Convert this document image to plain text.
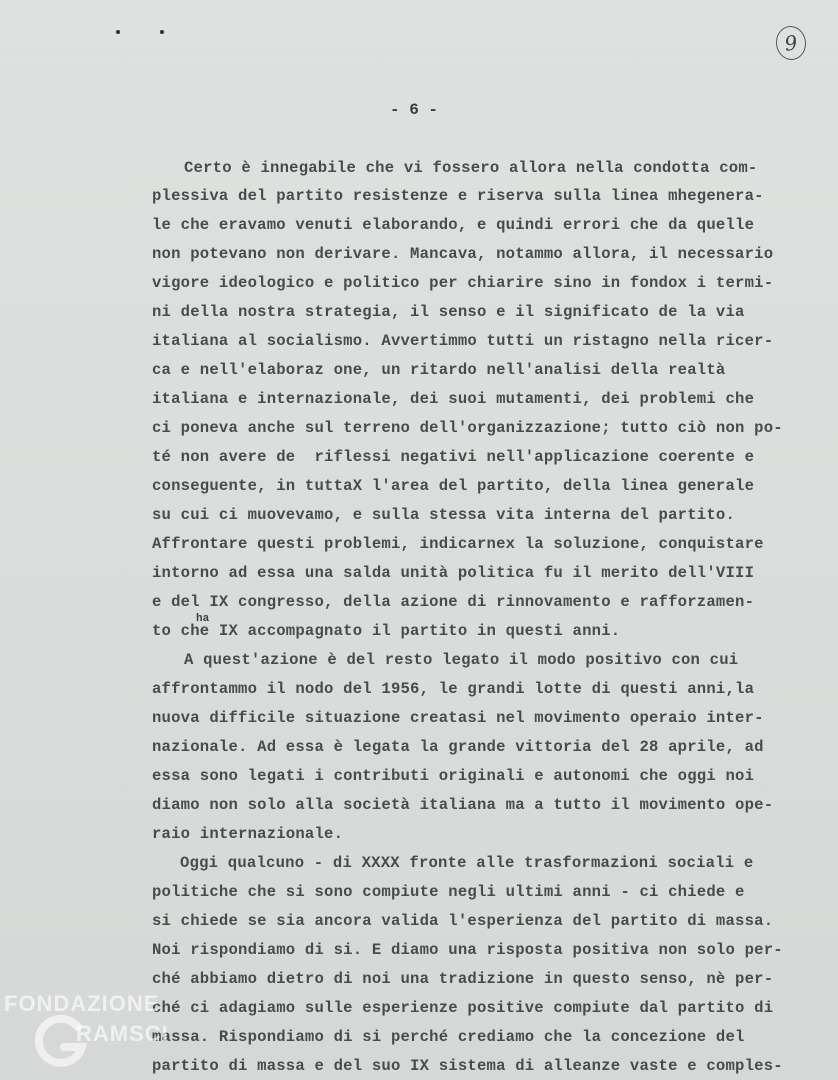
9
- 6 -
ha
Certo è innegabile che vi fossero allora nella condotta com-
plessiva del partito resistenze e riserva sulla linea mhegenera-
le che eravamo venuti elaborando, e quindi errori che da quelle
non potevano non derivare. Mancava, notammo allora, il necessario
vigore ideologico e politico per chiarire sino in fondox i termi-
ni della nostra strategia, il senso e il significato de la via
italiana al socialismo. Avvertimmo tutti un ristagno nella ricer-
ca e nell'elaboraz one, un ritardo nell'analisi della realtà
italiana e internazionale, dei suoi mutamenti, dei problemi che
ci poneva anche sul terreno dell'organizzazione; tutto ciò non po-
té non avere de  riflessi negativi nell'applicazione coerente e
conseguente, in tuttaX l'area del partito, della linea generale
su cui ci muovevamo, e sulla stessa vita interna del partito.
Affrontare questi problemi, indicarnex la soluzione, conquistare
intorno ad essa una salda unità politica fu il merito dell'VIII
e del IX congresso, della azione di rinnovamento e rafforzamen-
to che IX accompagnato il partito in questi anni.
A quest'azione è del resto legato il modo positivo con cui
affrontammo il nodo del 1956, le grandi lotte di questi anni,la
nuova difficile situazione creatasi nel movimento operaio inter-
nazionale. Ad essa è legata la grande vittoria del 28 aprile, ad
essa sono legati i contributi originali e autonomi che oggi noi
diamo non solo alla società italiana ma a tutto il movimento ope-
raio internazionale.
Oggi qualcuno - di XXXX fronte alle trasformazioni sociali e
politiche che si sono compiute negli ultimi anni - ci chiede e
si chiede se sia ancora valida l'esperienza del partito di massa.
Noi rispondiamo di si. E diamo una risposta positiva non solo per-
ché abbiamo dietro di noi una tradizione in questo senso, nè per-
ché ci adagiamo sulle esperienze positive compiute dal partito di
massa. Rispondiamo di si perché crediamo che la concezione del
partito di massa e del suo IX sistema di alleanze vaste e comples-
FONDAZIONE
RAMSCI
